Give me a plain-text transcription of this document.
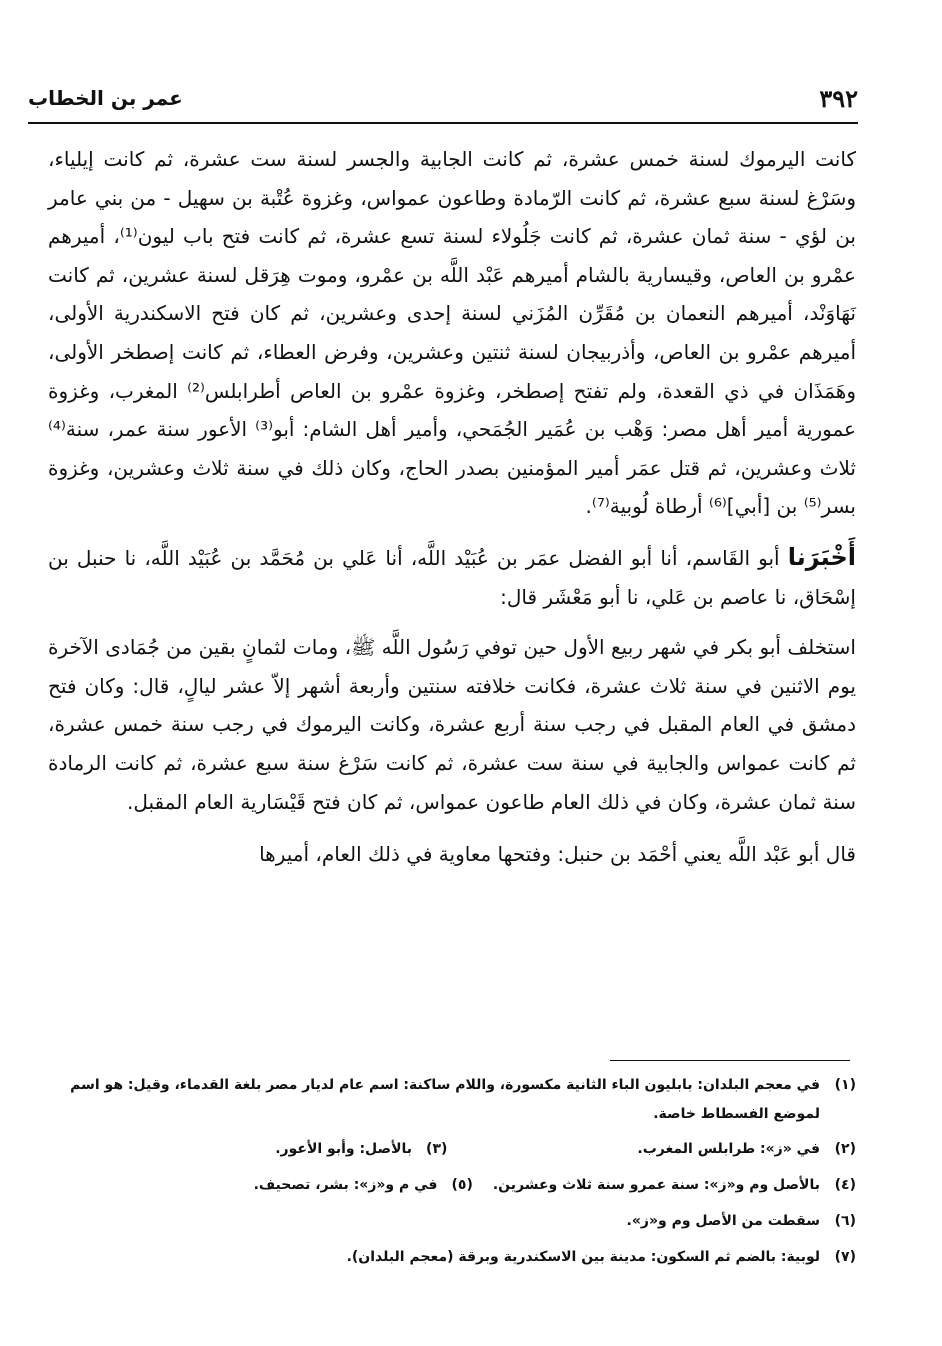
٣٩٢
عمر بن الخطاب

كانت اليرموك لسنة خمس عشرة، ثم كانت الجابية والجسر لسنة ست عشرة، ثم كانت إيلياء، وسَرْغ لسنة سبع عشرة، ثم كانت الرّمادة وطاعون عمواس، وغزوة عُتْبة بن سهيل - من بني عامر بن لؤي - سنة ثمان عشرة، ثم كانت جَلُولاء لسنة تسع عشرة، ثم كانت فتح باب ليون⁽¹⁾، أميرهم عمْرو بن العاص، وقيسارية بالشام أميرهم عَبْد اللَّه بن عمْرو، وموت هِرَقل لسنة عشرين، ثم كانت نَهَاوَنْد، أميرهم النعمان بن مُقَرِّن المُزَني لسنة إحدى وعشرين، ثم كان فتح الاسكندرية الأولى، أميرهم عمْرو بن العاص، وأذربيجان لسنة ثنتين وعشرين، وفرض العطاء، ثم كانت إصطخر الأولى، وهَمَذَان في ذي القعدة، ولم تفتح إصطخر، وغزوة عمْرو بن العاص أطرابلس⁽²⁾ المغرب، وغزوة عمورية أمير أهل مصر: وَهْب بن عُمَير الجُمَحي، وأمير أهل الشام: أبو⁽³⁾ الأعور سنة عمر، سنة⁽⁴⁾ ثلاث وعشرين، ثم قتل عمَر أمير المؤمنين بصدر الحاج، وكان ذلك في سنة ثلاث وعشرين، وغزوة بسر⁽⁵⁾ بن [أبي]⁽⁶⁾ أرطاة لُوبية⁽⁷⁾.

أَخْبَرَنا أبو القَاسم، أنا أبو الفضل عمَر بن عُبَيْد اللَّه، أنا عَلي بن مُحَمَّد بن عُبَيْد اللَّه، نا حنبل بن إسْحَاق، نا عاصم بن عَلي، نا أبو مَعْشَر قال:

استخلف أبو بكر في شهر ربيع الأول حين توفي رَسُول اللَّه ﷺ، ومات لثمانٍ بقين من جُمَادى الآخرة يوم الاثنين في سنة ثلاث عشرة، فكانت خلافته سنتين وأربعة أشهر إلاّ عشر ليالٍ، قال: وكان فتح دمشق في العام المقبل في رجب سنة أربع عشرة، وكانت اليرموك في رجب سنة خمس عشرة، ثم كانت عمواس والجابية في سنة ست عشرة، ثم كانت سَرْغ سنة سبع عشرة، ثم كانت الرمادة سنة ثمان عشرة، وكان في ذلك العام طاعون عمواس، ثم كان فتح قَيْسَارية العام المقبل.

قال أبو عَبْد اللَّه يعني أحْمَد بن حنبل: وفتحها معاوية في ذلك العام، أميرها

(١)
في معجم البلدان: بابليون الباء الثانية مكسورة، واللام ساكنة: اسم عام لديار مصر بلغة القدماء، وقيل: هو اسم
لموضع الفسطاط خاصة.
(٢)
في «ز»: طرابلس المغرب.
(٣)
بالأصل: وأبو الأعور.
(٤)
بالأصل وم و«ز»: سنة عمرو سنة ثلاث وعشرين.
(٥)
في م و«ز»: بشر، تصحيف.
(٦)
سقطت من الأصل وم و«ز».
(٧)
لوبية: بالضم ثم السكون: مدينة بين الاسكندرية وبرقة (معجم البلدان).
